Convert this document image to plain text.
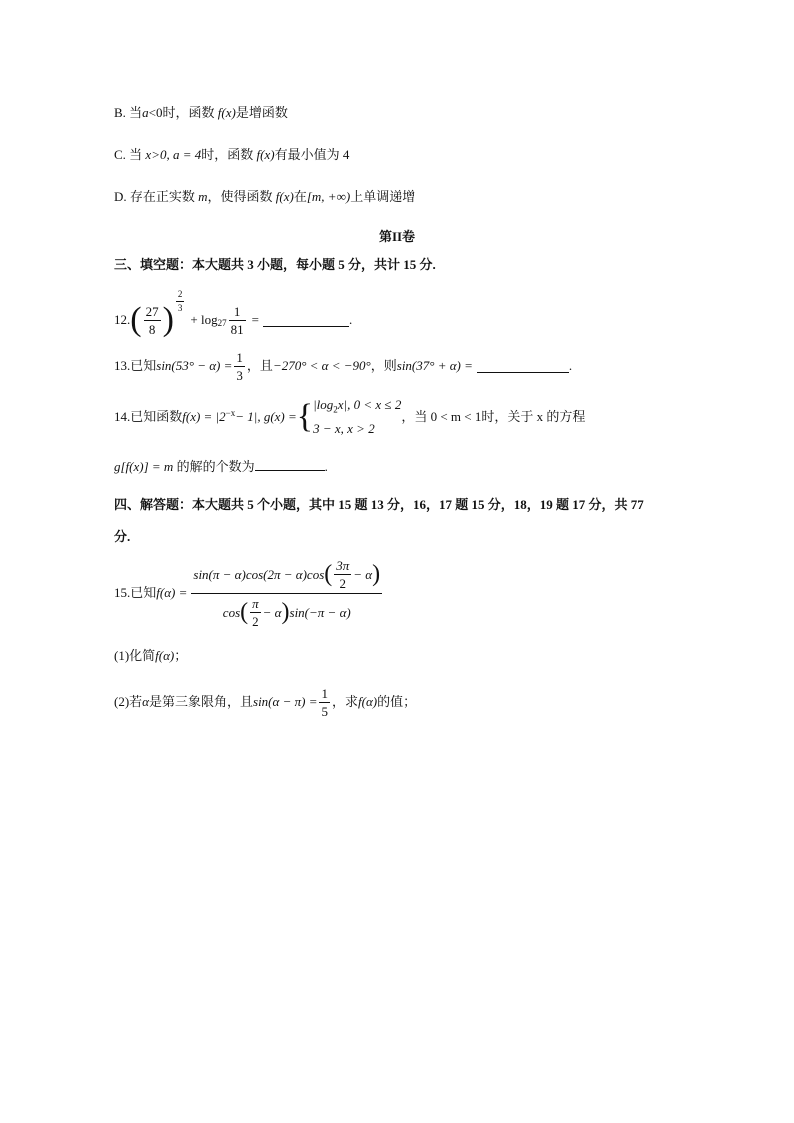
B. 当a<0时，函数 f(x)是增函数
C. 当 x>0, a = 4时，函数 f(x)有最小值为 4
D. 存在正实数 m，使得函数 f(x)在[m, +∞)上单调递增
第II卷
三、填空题：本大题共 3 小题，每小题 5 分，共计 15 分.
12. ( $\frac{27}{8}$ ) $\frac{2}{3}$
+ $\log 27 \frac{1}{81}$ =	.
13.已知 $\sin(53^\circ - \alpha) = \frac{1}{3}$ ，且 −270° < α < −90° ，则 sin(37° + α) =	.
14.已知函数 f(x) = |2 −x − 1|, g(x) = { $|\log_2x|$, 0 < x ≤ 2
3 − x, x > 2
，当 0 < m < 1时，关于 x 的方程
g[f(x)] = m 的解的个数为	.
四、解答题：本大题共 5 个小题，其中 15 题 13 分，16，17 题 15 分，18，19 题 17 分，共 77
分.
15.已知 f(α) =
sin(π − α)cos(2π − α)cos ( $\frac{3\pi}{2} - \alpha$ )
cos ( $\frac{\pi}{2} - \alpha$ ) sin(−π − α)
(1)化简f(α)；
(2)若 α 是第三象限角，且 $\sin(\alpha - \pi) = \frac{1}{5}$ ，求 f(α) 的值；
